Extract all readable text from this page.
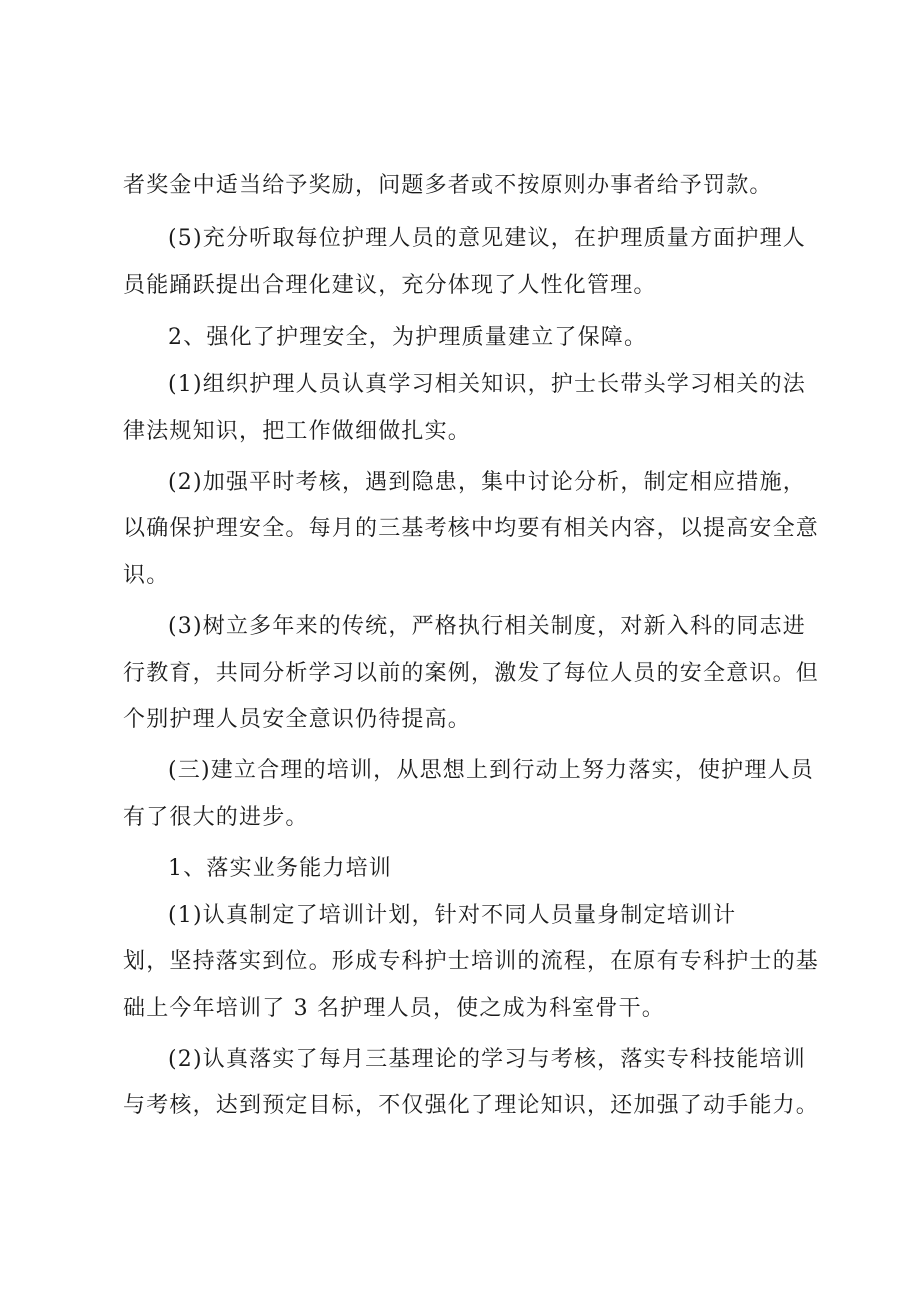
者奖金中适当给予奖励，问题多者或不按原则办事者给予罚款。
(5)充分听取每位护理人员的意见建议，在护理质量方面护理人
员能踊跃提出合理化建议，充分体现了人性化管理。
2、强化了护理安全，为护理质量建立了保障。
(1)组织护理人员认真学习相关知识，护士长带头学习相关的法
律法规知识，把工作做细做扎实。
(2)加强平时考核，遇到隐患，集中讨论分析，制定相应措施，
以确保护理安全。每月的三基考核中均要有相关内容，以提高安全意
识。
(3)树立多年来的传统，严格执行相关制度，对新入科的同志进
行教育，共同分析学习以前的案例，激发了每位人员的安全意识。但
个别护理人员安全意识仍待提高。
(三)建立合理的培训，从思想上到行动上努力落实，使护理人员
有了很大的进步。
1、落实业务能力培训
(1)认真制定了培训计划，针对不同人员量身制定培训计
划，坚持落实到位。形成专科护士培训的流程，在原有专科护士的基
础上今年培训了 3 名护理人员，使之成为科室骨干。
(2)认真落实了每月三基理论的学习与考核，落实专科技能培训
与考核，达到预定目标，不仅强化了理论知识，还加强了动手能力。
